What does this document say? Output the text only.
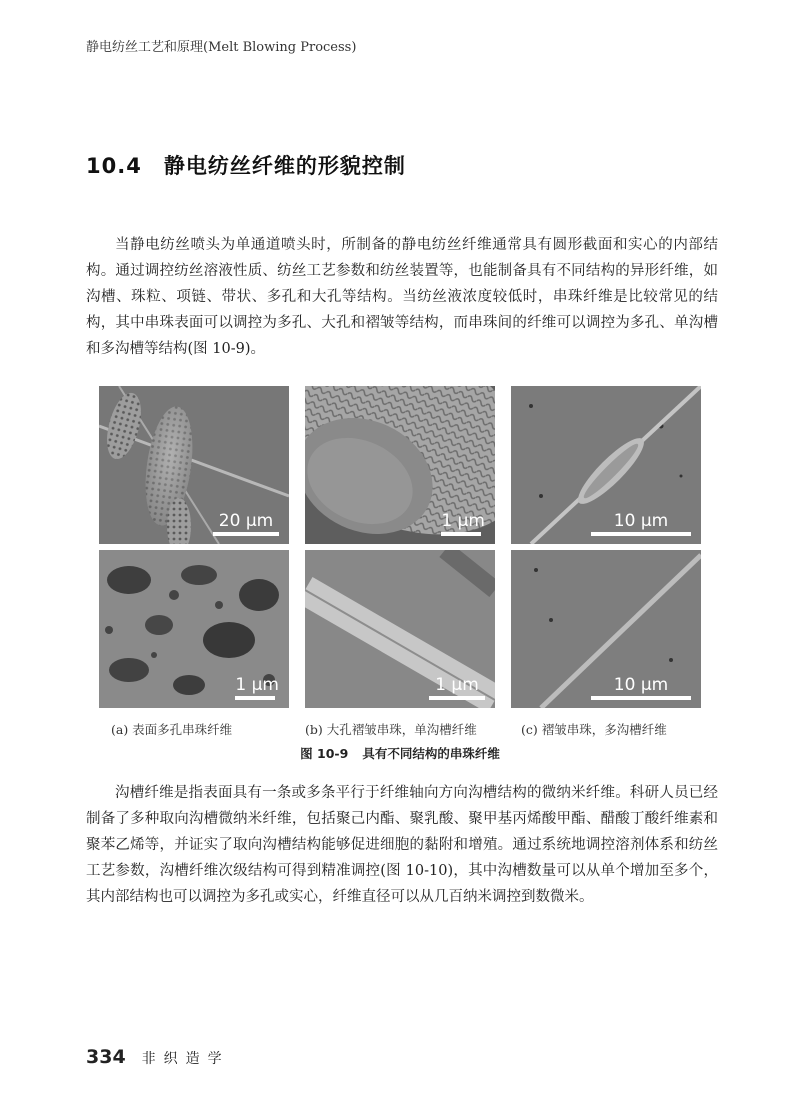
静电纺丝工艺和原理(Melt Blowing Process)
10.4 静电纺丝纤维的形貌控制

当静电纺丝喷头为单通道喷头时，所制备的静电纺丝纤维通常具有圆形截面和实心的内部结构。通过调控纺丝溶液性质、纺丝工艺参数和纺丝装置等，也能制备具有不同结构的异形纤维，如沟槽、珠粒、项链、带状、多孔和大孔等结构。当纺丝液浓度较低时，串珠纤维是比较常见的结构，其中串珠表面可以调控为多孔、大孔和褶皱等结构，而串珠间的纤维可以调控为多孔、单沟槽和多沟槽等结构(图 10-9)。

20 μm	1 μm	10 μm
1 μm	1 μm	10 μm
(a) 表面多孔串珠纤维	(b) 大孔褶皱串珠，单沟槽纤维	(c) 褶皱串珠，多沟槽纤维
图 10-9 具有不同结构的串珠纤维

沟槽纤维是指表面具有一条或多条平行于纤维轴向方向沟槽结构的微纳米纤维。科研人员已经制备了多种取向沟槽微纳米纤维，包括聚己内酯、聚乳酸、聚甲基丙烯酸甲酯、醋酸丁酸纤维素和聚苯乙烯等，并证实了取向沟槽结构能够促进细胞的黏附和增殖。通过系统地调控溶剂体系和纺丝工艺参数，沟槽纤维次级结构可得到精准调控(图 10-10)，其中沟槽数量可以从单个增加至多个，其内部结构也可以调控为多孔或实心，纤维直径可以从几百纳米调控到数微米。

334 非织造学
